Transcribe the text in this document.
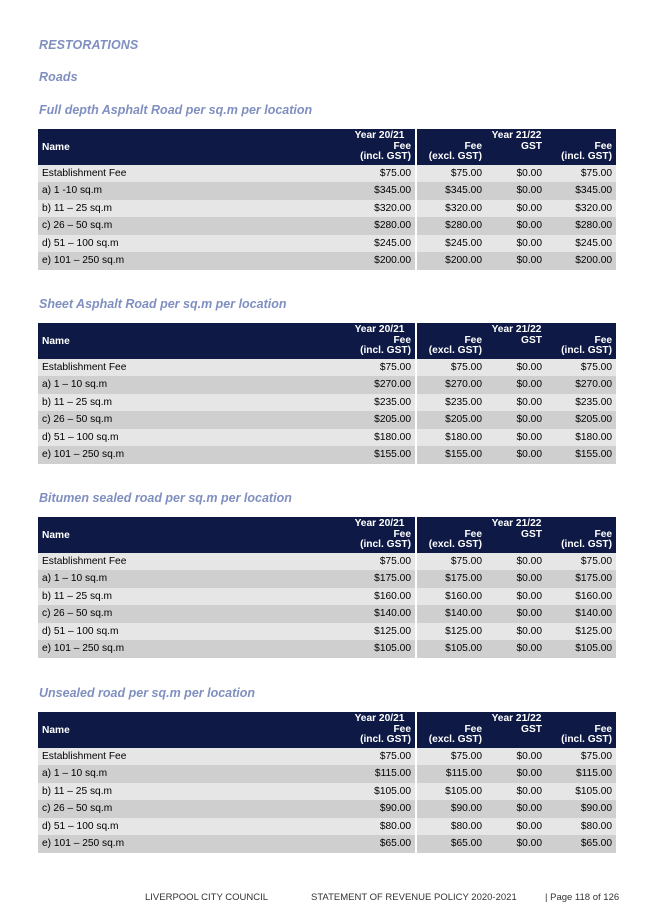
RESTORATIONS
Roads
Full depth Asphalt Road per sq.m per location
Name	Year 20/21	Year 21/22		
	Fee	Fee	GST	Fee
	(incl. GST)	(excl. GST)		(incl. GST)
Establishment Fee	$75.00	$75.00	$0.00	$75.00
a) 1 -10 sq.m	$345.00	$345.00	$0.00	$345.00
b) 11 – 25 sq.m	$320.00	$320.00	$0.00	$320.00
c) 26 – 50 sq.m	$280.00	$280.00	$0.00	$280.00
d) 51 – 100 sq.m	$245.00	$245.00	$0.00	$245.00
e) 101 – 250 sq.m	$200.00	$200.00	$0.00	$200.00
Sheet Asphalt Road per sq.m per location
Name	Year 20/21	Year 21/22		
	Fee	Fee	GST	Fee
	(incl. GST)	(excl. GST)		(incl. GST)
Establishment Fee	$75.00	$75.00	$0.00	$75.00
a) 1 – 10 sq.m	$270.00	$270.00	$0.00	$270.00
b) 11 – 25 sq.m	$235.00	$235.00	$0.00	$235.00
c) 26 – 50 sq.m	$205.00	$205.00	$0.00	$205.00
d) 51 – 100 sq.m	$180.00	$180.00	$0.00	$180.00
e) 101 – 250 sq.m	$155.00	$155.00	$0.00	$155.00
Bitumen sealed road per sq.m per location
Name	Year 20/21	Year 21/22		
	Fee	Fee	GST	Fee
	(incl. GST)	(excl. GST)		(incl. GST)
Establishment Fee	$75.00	$75.00	$0.00	$75.00
a) 1 – 10 sq.m	$175.00	$175.00	$0.00	$175.00
b) 11 – 25 sq.m	$160.00	$160.00	$0.00	$160.00
c) 26 – 50 sq.m	$140.00	$140.00	$0.00	$140.00
d) 51 – 100 sq.m	$125.00	$125.00	$0.00	$125.00
e) 101 – 250 sq.m	$105.00	$105.00	$0.00	$105.00
Unsealed road per sq.m per location
Name	Year 20/21	Year 21/22		
	Fee	Fee	GST	Fee
	(incl. GST)	(excl. GST)		(incl. GST)
Establishment Fee	$75.00	$75.00	$0.00	$75.00
a) 1 – 10 sq.m	$115.00	$115.00	$0.00	$115.00
b) 11 – 25 sq.m	$105.00	$105.00	$0.00	$105.00
c) 26 – 50 sq.m	$90.00	$90.00	$0.00	$90.00
d) 51 – 100 sq.m	$80.00	$80.00	$0.00	$80.00
e) 101 – 250 sq.m	$65.00	$65.00	$0.00	$65.00
LIVERPOOL CITY COUNCIL	STATEMENT OF REVENUE POLICY 2020-2021	| Page 118 of 126
